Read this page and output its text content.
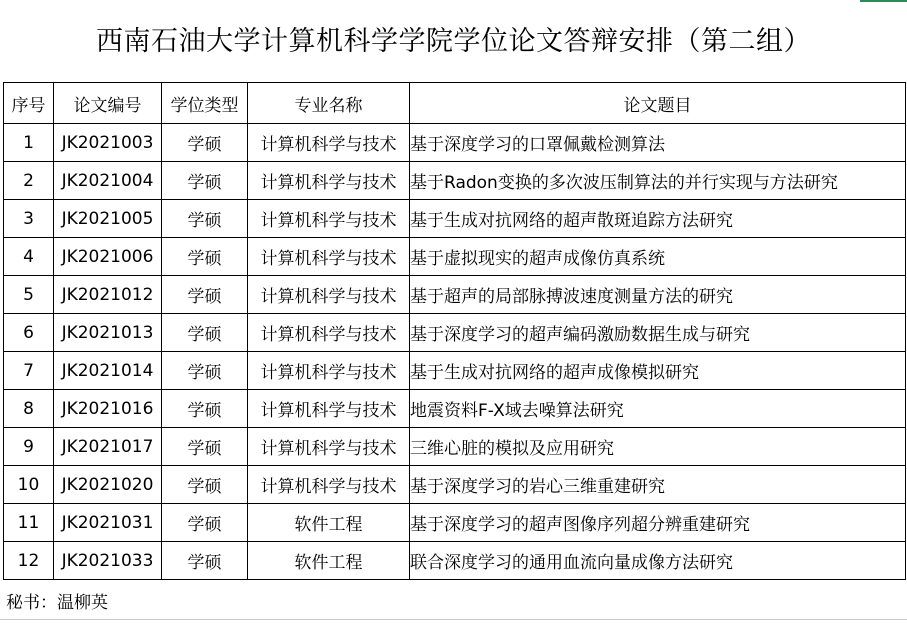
西南石油大学计算机科学学院学位论文答辩安排（第二组）
序号	论文编号	学位类型	专业名称	论文题目
1	JK2021003	学硕	计算机科学与技术	基于深度学习的口罩佩戴检测算法
2	JK2021004	学硕	计算机科学与技术	基于Radon变换的多次波压制算法的并行实现与方法研究
3	JK2021005	学硕	计算机科学与技术	基于生成对抗网络的超声散斑追踪方法研究
4	JK2021006	学硕	计算机科学与技术	基于虚拟现实的超声成像仿真系统
5	JK2021012	学硕	计算机科学与技术	基于超声的局部脉搏波速度测量方法的研究
6	JK2021013	学硕	计算机科学与技术	基于深度学习的超声编码激励数据生成与研究
7	JK2021014	学硕	计算机科学与技术	基于生成对抗网络的超声成像模拟研究
8	JK2021016	学硕	计算机科学与技术	地震资料F-X域去噪算法研究
9	JK2021017	学硕	计算机科学与技术	三维心脏的模拟及应用研究
10	JK2021020	学硕	计算机科学与技术	基于深度学习的岩心三维重建研究
11	JK2021031	学硕	软件工程	基于深度学习的超声图像序列超分辨重建研究
12	JK2021033	学硕	软件工程	联合深度学习的通用血流向量成像方法研究
秘书：温柳英
